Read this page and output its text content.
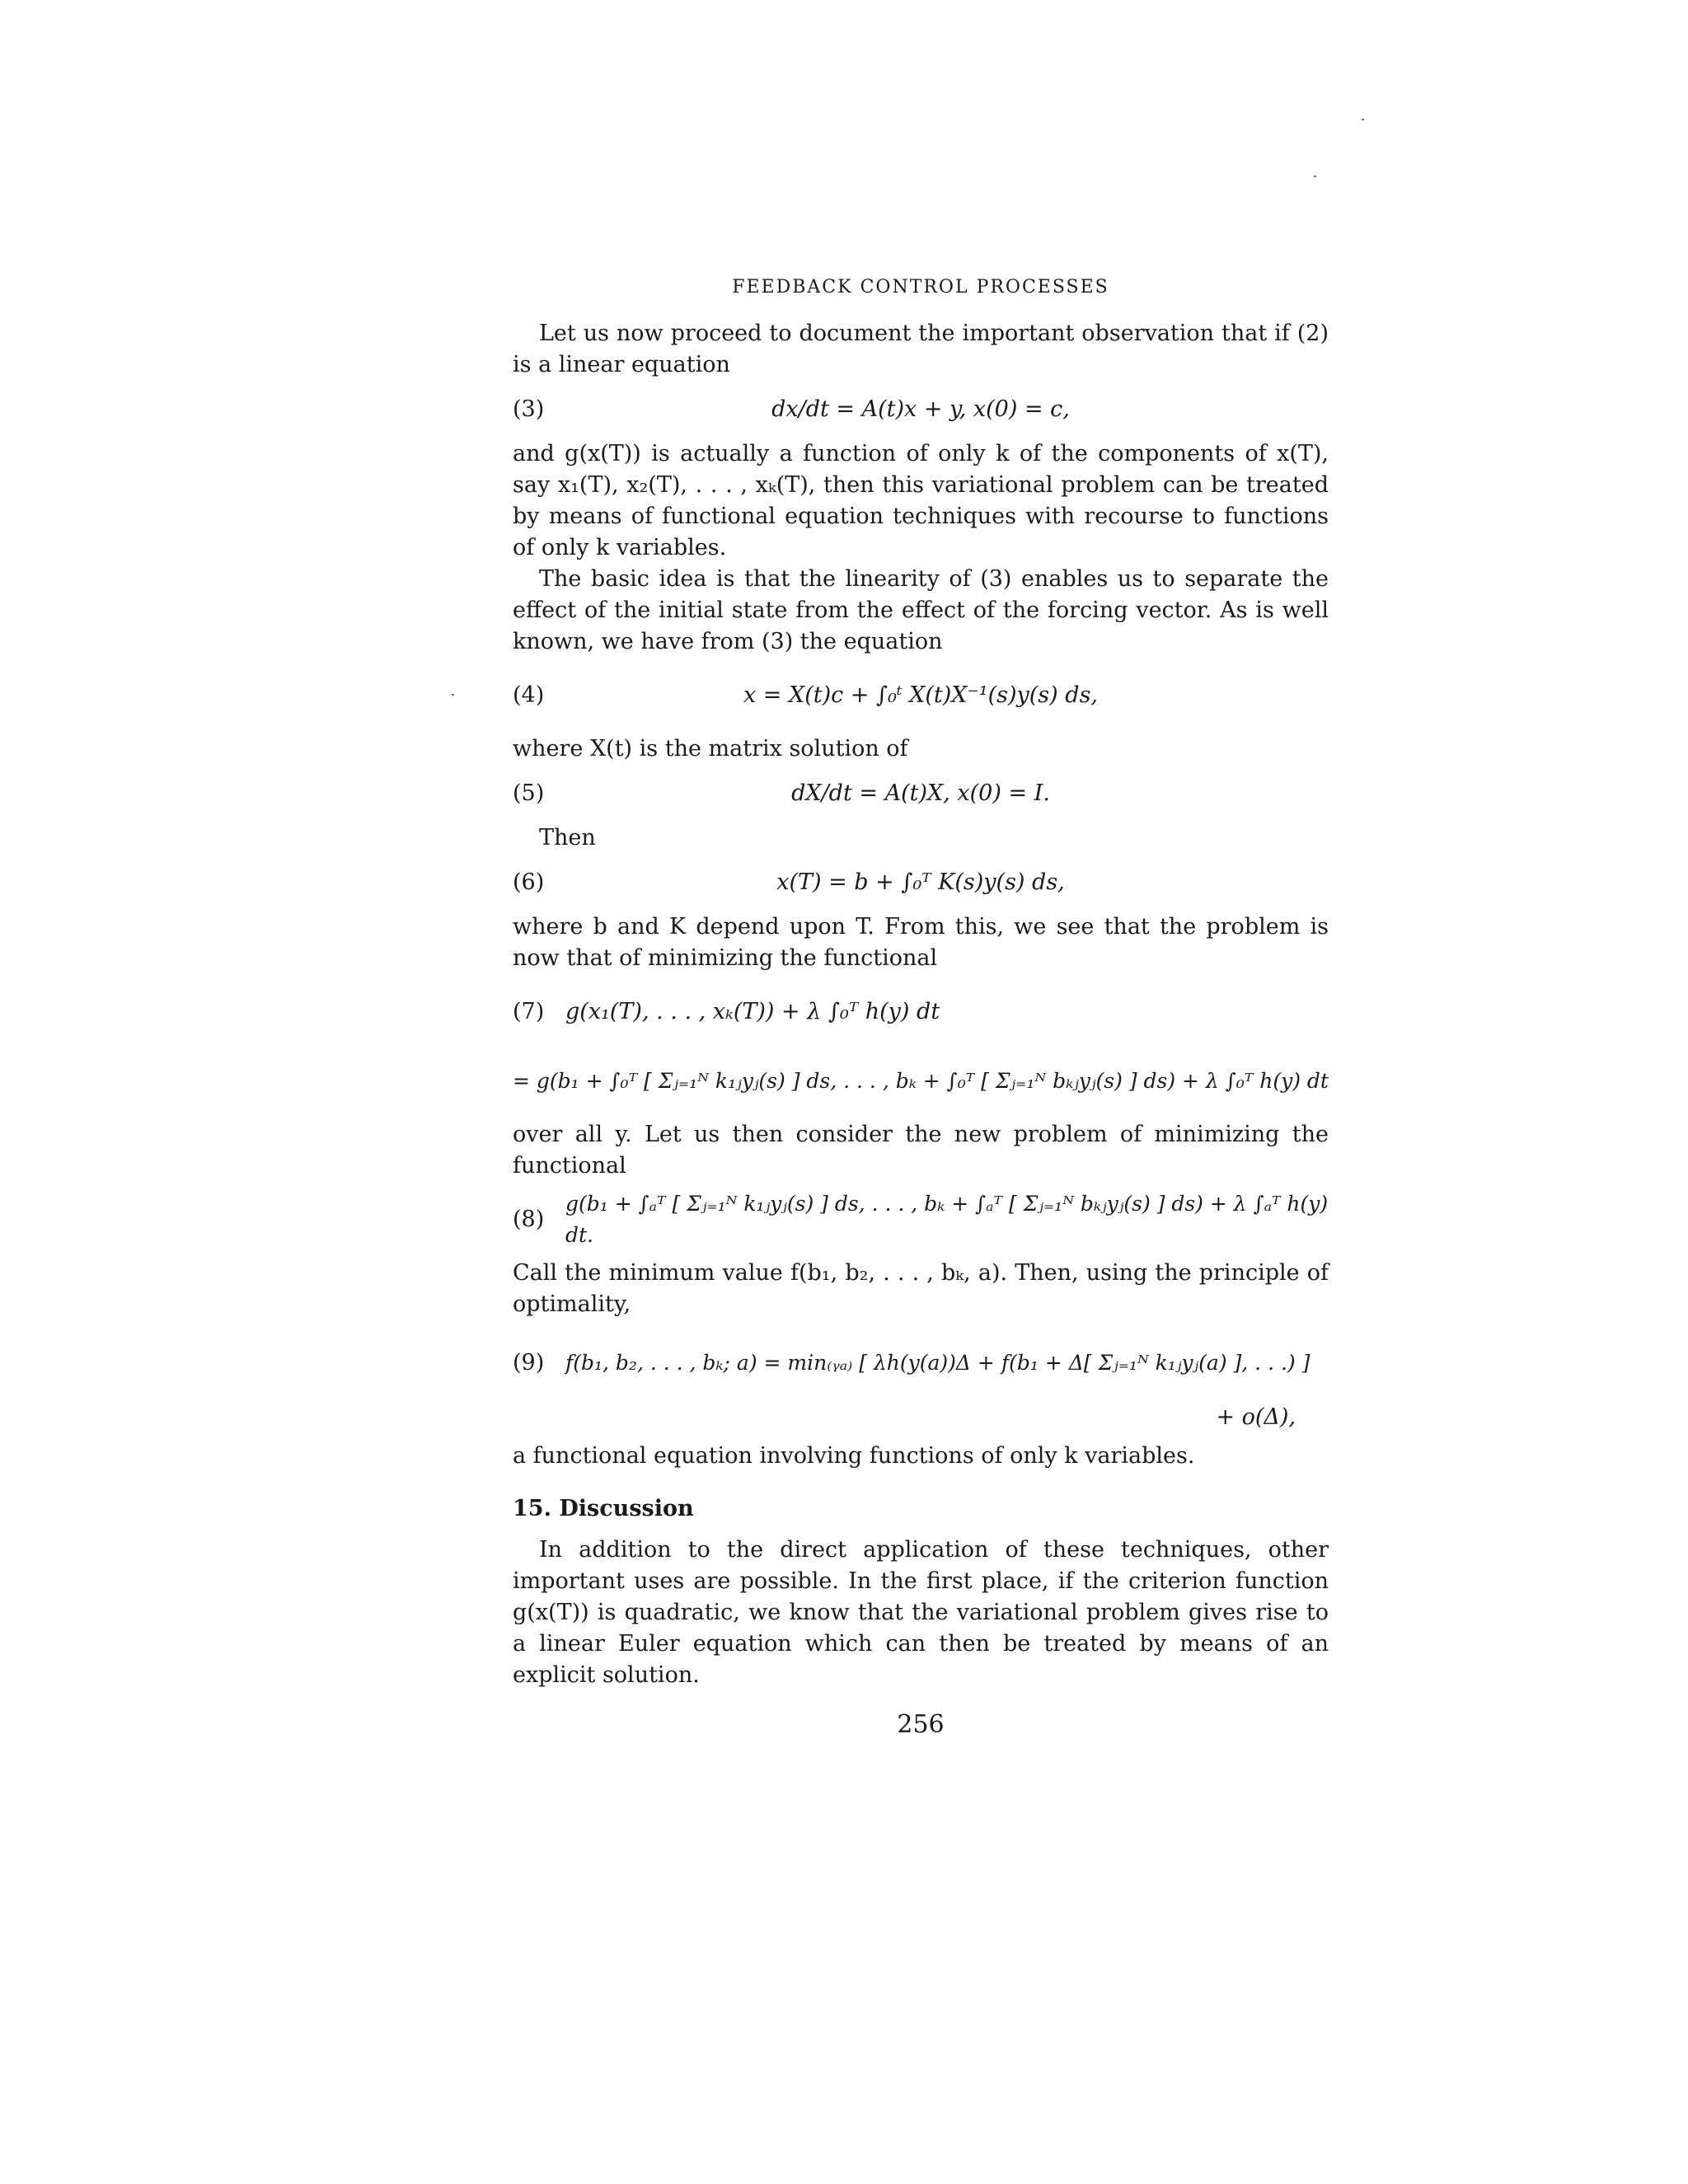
FEEDBACK CONTROL PROCESSES

Let us now proceed to document the important observation that if (2) is a linear equation

(3)	dx/dt = A(t)x + y, x(0) = c,

and g(x(T)) is actually a function of only k of the components of x(T), say x₁(T), x₂(T), . . . , xₖ(T), then this variational problem can be treated by means of functional equation techniques with recourse to functions of only k variables.

The basic idea is that the linearity of (3) enables us to separate the effect of the initial state from the effect of the forcing vector. As is well known, we have from (3) the equation

(4)	x = X(t)c + ∫₀ᵗ X(t)X⁻¹(s)y(s) ds,

where X(t) is the matrix solution of

(5)	dX/dt = A(t)X, x(0) = I.

Then

(6)	x(T) = b + ∫₀ᵀ K(s)y(s) ds,

where b and K depend upon T. From this, we see that the problem is now that of minimizing the functional

(7) g(x₁(T), . . . , xₖ(T)) + λ ∫₀ᵀ h(y) dt
= g(b₁ + ∫₀ᵀ [ Σⱼ₌₁ᴺ k₁ⱼyⱼ(s) ] ds, . . . , bₖ + ∫₀ᵀ [ Σⱼ₌₁ᴺ bₖⱼyⱼ(s) ] ds) + λ ∫₀ᵀ h(y) dt

over all y. Let us then consider the new problem of minimizing the functional

(8)
g(b₁ + ∫ₐᵀ [ Σⱼ₌₁ᴺ k₁ⱼyⱼ(s) ] ds, . . . , bₖ + ∫ₐᵀ [ Σⱼ₌₁ᴺ bₖⱼyⱼ(s) ] ds) + λ ∫ₐᵀ h(y) dt.

Call the minimum value f(b₁, b₂, . . . , bₖ, a). Then, using the principle of optimality,

(9) f(b₁, b₂, . . . , bₖ; a) = min₍ᵧₐ₎ [ λh(y(a))Δ + f(b₁ + Δ[ Σⱼ₌₁ᴺ k₁ⱼyⱼ(a) ], . . .) ]
+ o(Δ),

a functional equation involving functions of only k variables.

15. Discussion

In addition to the direct application of these techniques, other important uses are possible. In the first place, if the criterion function g(x(T)) is quadratic, we know that the variational problem gives rise to a linear Euler equation which can then be treated by means of an explicit solution.

256
